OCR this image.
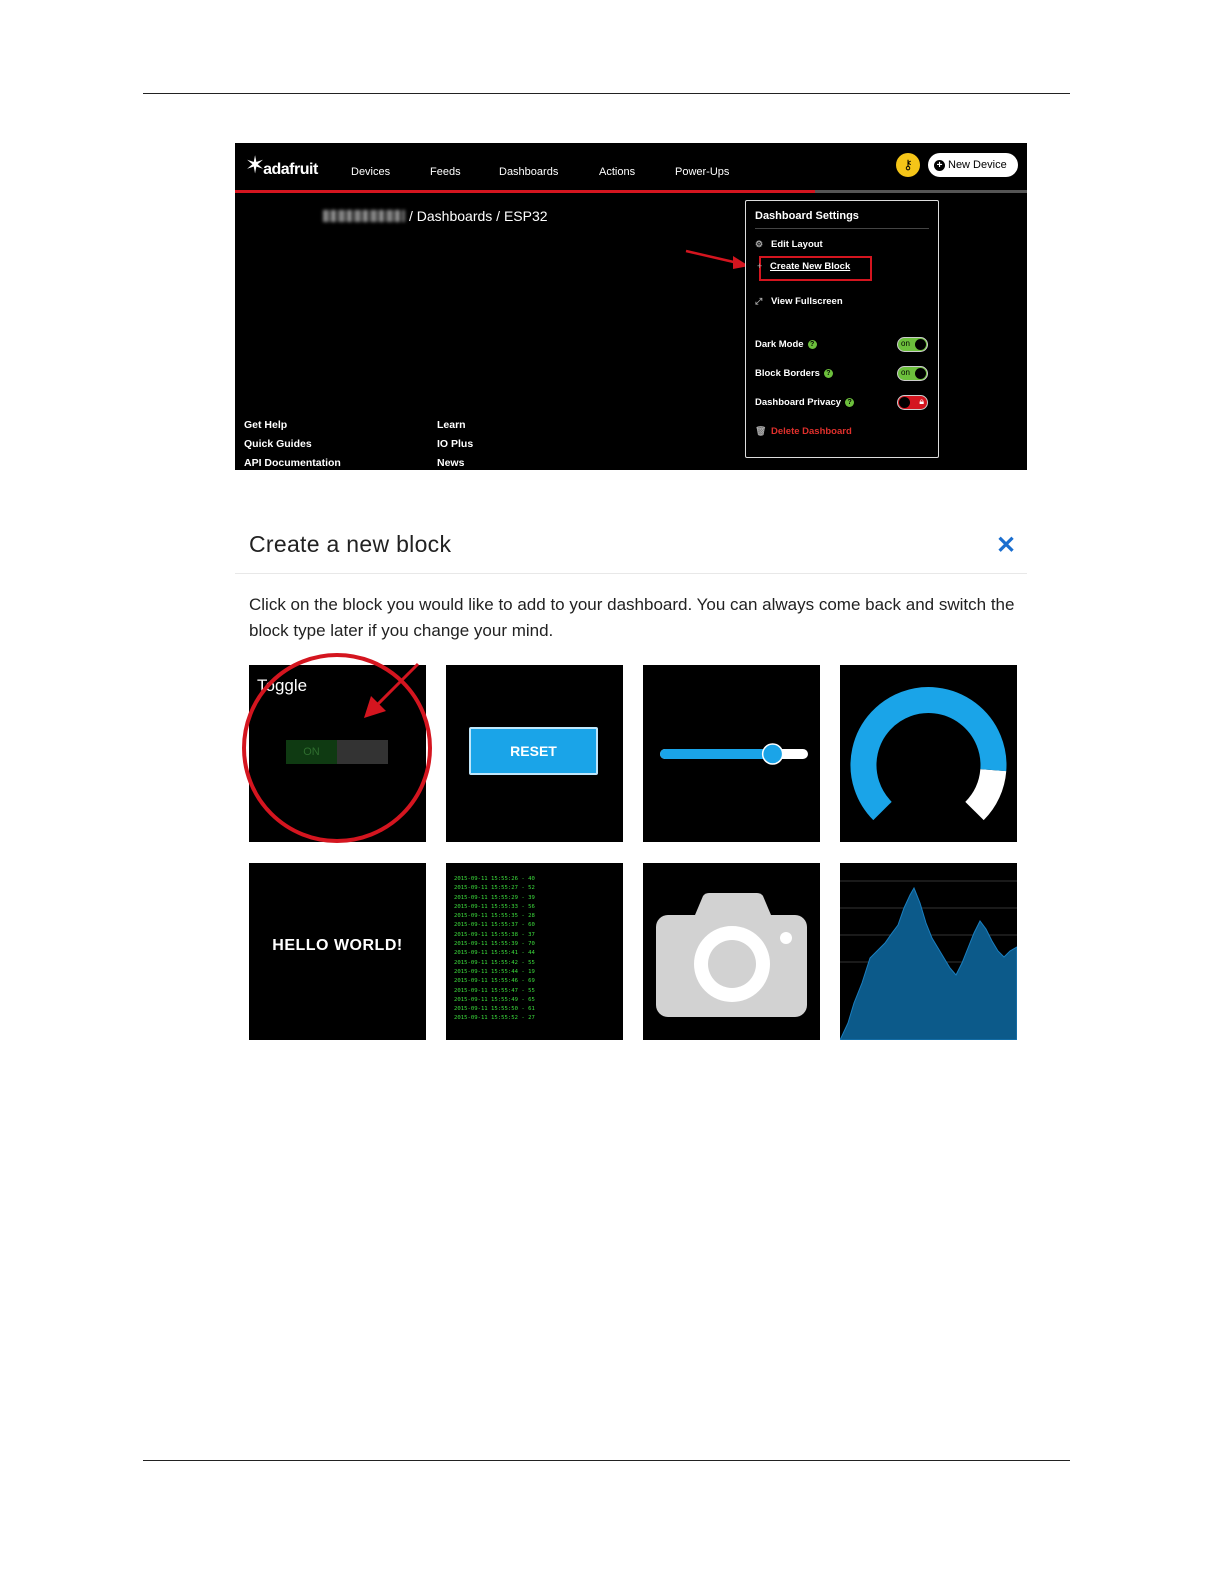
✶
adafruit	Devices	Feeds	Dashboards	Actions	Power-Ups	⚷	+ New Device
/ Dashboards / ESP32
Get Help
Quick Guides
API Documentation
Learn
IO Plus
News
Dashboard Settings
⚙ Edit Layout
+ Create New Block
⤢ View Fullscreen
Dark Mode ?	on
Block Borders ?	on
Dashboard Privacy ?	🔒︎
🗑︎ Delete Dashboard
Create a new block	✕
Click on the block you would like to add to your dashboard. You can always come back and switch the block type later if you change your mind.
Toggle
ON	RESET
HELLO WORLD!
2015-09-11 15:55:26 - 40
2015-09-11 15:55:27 - 52
2015-09-11 15:55:29 - 39
2015-09-11 15:55:33 - 56
2015-09-11 15:55:35 - 28
2015-09-11 15:55:37 - 60
2015-09-11 15:55:38 - 37
2015-09-11 15:55:39 - 70
2015-09-11 15:55:41 - 44
2015-09-11 15:55:42 - 55
2015-09-11 15:55:44 - 19
2015-09-11 15:55:46 - 69
2015-09-11 15:55:47 - 55
2015-09-11 15:55:49 - 65
2015-09-11 15:55:50 - 61
2015-09-11 15:55:52 - 27
